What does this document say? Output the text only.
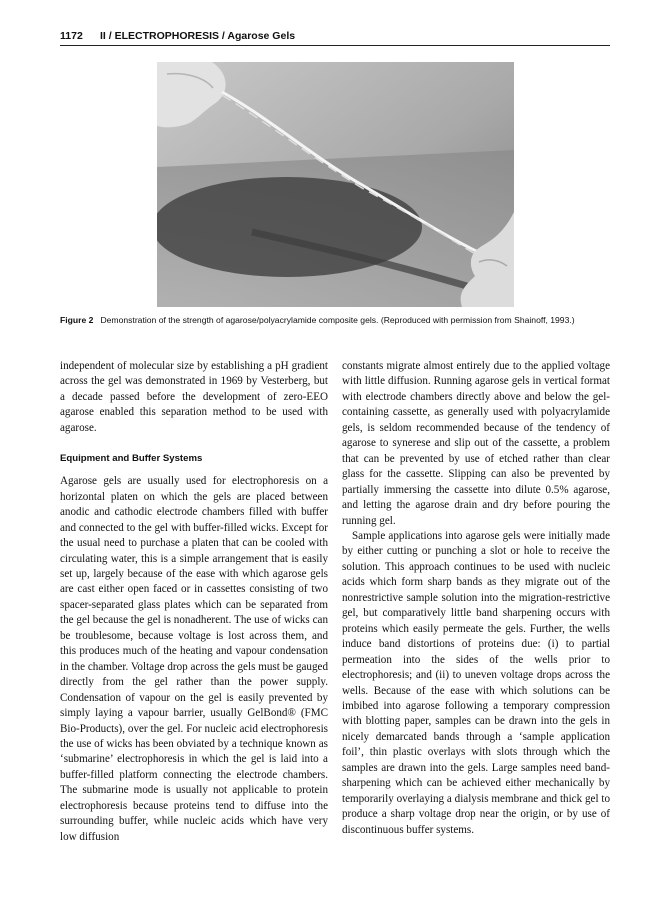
1172 II / ELECTROPHORESIS / Agarose Gels
Figure 2 Demonstration of the strength of agarose/polyacrylamide composite gels. (Reproduced with permission from Shainoff, 1993.)

independent of molecular size by establishing a pH gradient across the gel was demonstrated in 1969 by Vesterberg, but a decade passed before the development of zero-EEO agarose enabled this separation method to be used with agarose.

Equipment and Buffer Systems

Agarose gels are usually used for electrophoresis on a horizontal platen on which the gels are placed between anodic and cathodic electrode chambers filled with buffer and connected to the gel with buffer-filled wicks. Except for the usual need to purchase a platen that can be cooled with circulating water, this is a simple arrangement that is easily set up, largely because of the ease with which agarose gels are cast either open faced or in cassettes consisting of two spacer-separated glass plates which can be separated from the gel because the gel is nonadherent. The use of wicks can be troublesome, because voltage is lost across them, and this produces much of the heating and vapour condensation in the chamber. Voltage drop across the gels must be gauged directly from the gel rather than the power supply. Condensation of vapour on the gel is easily prevented by simply laying a vapour barrier, usually GelBond® (FMC Bio-Products), over the gel. For nucleic acid electrophoresis the use of wicks has been obviated by a technique known as ‘submarine’ electrophoresis in which the gel is laid into a buffer-filled platform connecting the electrode chambers. The submarine mode is usually not applicable to protein electrophoresis because proteins tend to diffuse into the surrounding buffer, while nucleic acids which have very low diffusion

constants migrate almost entirely due to the applied voltage with little diffusion. Running agarose gels in vertical format with electrode chambers directly above and below the gel-containing cassette, as generally used with polyacrylamide gels, is seldom recommended because of the tendency of agarose to synerese and slip out of the cassette, a problem that can be prevented by use of etched rather than clear glass for the cassette. Slipping can also be prevented by partially immersing the cassette into dilute 0.5% agarose, and letting the agarose drain and dry before pouring the running gel.

Sample applications into agarose gels were initially made by either cutting or punching a slot or hole to receive the solution. This approach continues to be used with nucleic acids which form sharp bands as they migrate out of the nonrestrictive sample solution into the migration-restrictive gel, but comparatively little band sharpening occurs with proteins which easily permeate the gels. Further, the wells induce band distortions of proteins due: (i) to partial permeation into the sides of the wells prior to electrophoresis; and (ii) to uneven voltage drops across the wells. Because of the ease with which solutions can be imbibed into agarose following a temporary compression with blotting paper, samples can be drawn into the gels in nicely demarcated bands through a ‘sample application foil’, thin plastic overlays with slots through which the samples are drawn into the gels. Large samples need band-sharpening which can be achieved either mechanically by temporarily overlaying a dialysis membrane and thick gel to produce a sharp voltage drop near the origin, or by use of discontinuous buffer systems.
